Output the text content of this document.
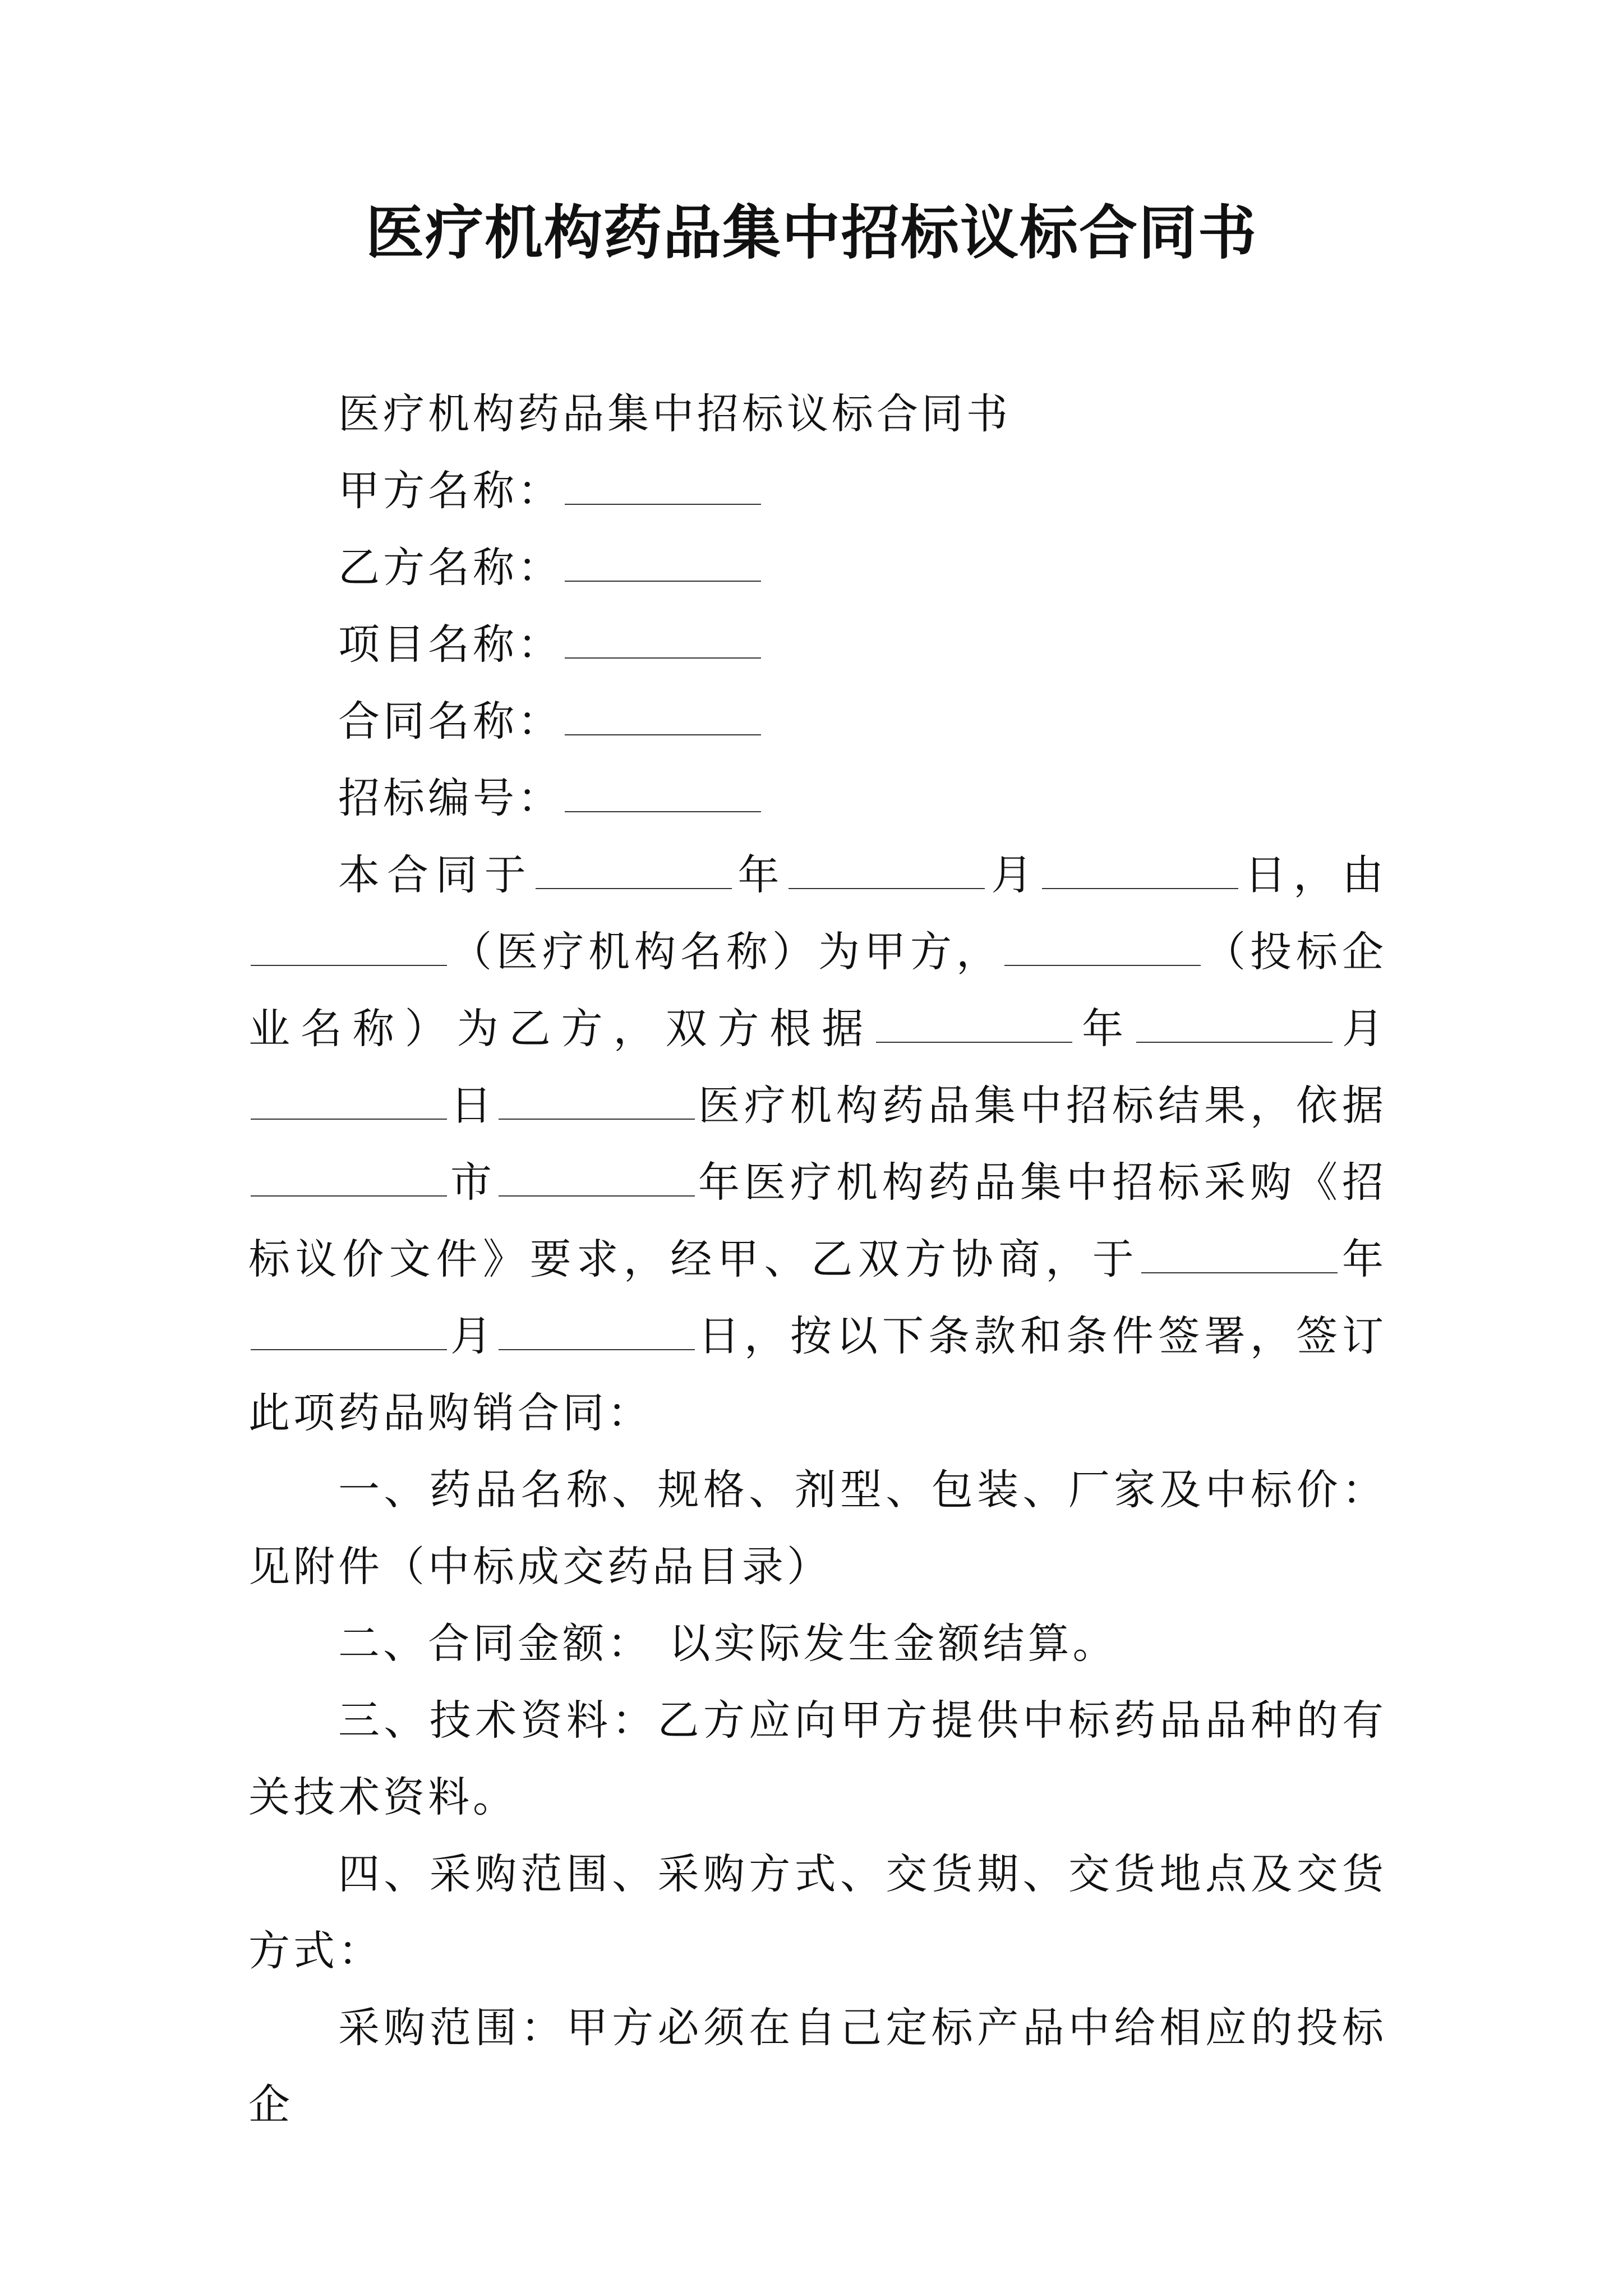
医疗机构药品集中招标议标合同书
医疗机构药品集中招标议标合同书
甲方名称：
乙方名称：
项目名称：
合同名称：
招标编号：
本合同于	年	月	日，由（医疗机构名称）为甲方，	（投标企业名称）为乙方，双方根据	年	月日	医疗机构药品集中招标结果，依据市	年医疗机构药品集中招标采购《招标议价文件》要求，经甲、乙双方协商，于	年月	日，按以下条款和条件签署，签订此项药品购销合同：
一、药品名称、规格、剂型、包装、厂家及中标价：见附件（中标成交药品目录）
二、合同金额： 以实际发生金额结算。
三、技术资料：乙方应向甲方提供中标药品品种的有关技术资料。
四、采购范围、采购方式、交货期、交货地点及交货方式：
采购范围：甲方必须在自己定标产品中给相应的投标企
